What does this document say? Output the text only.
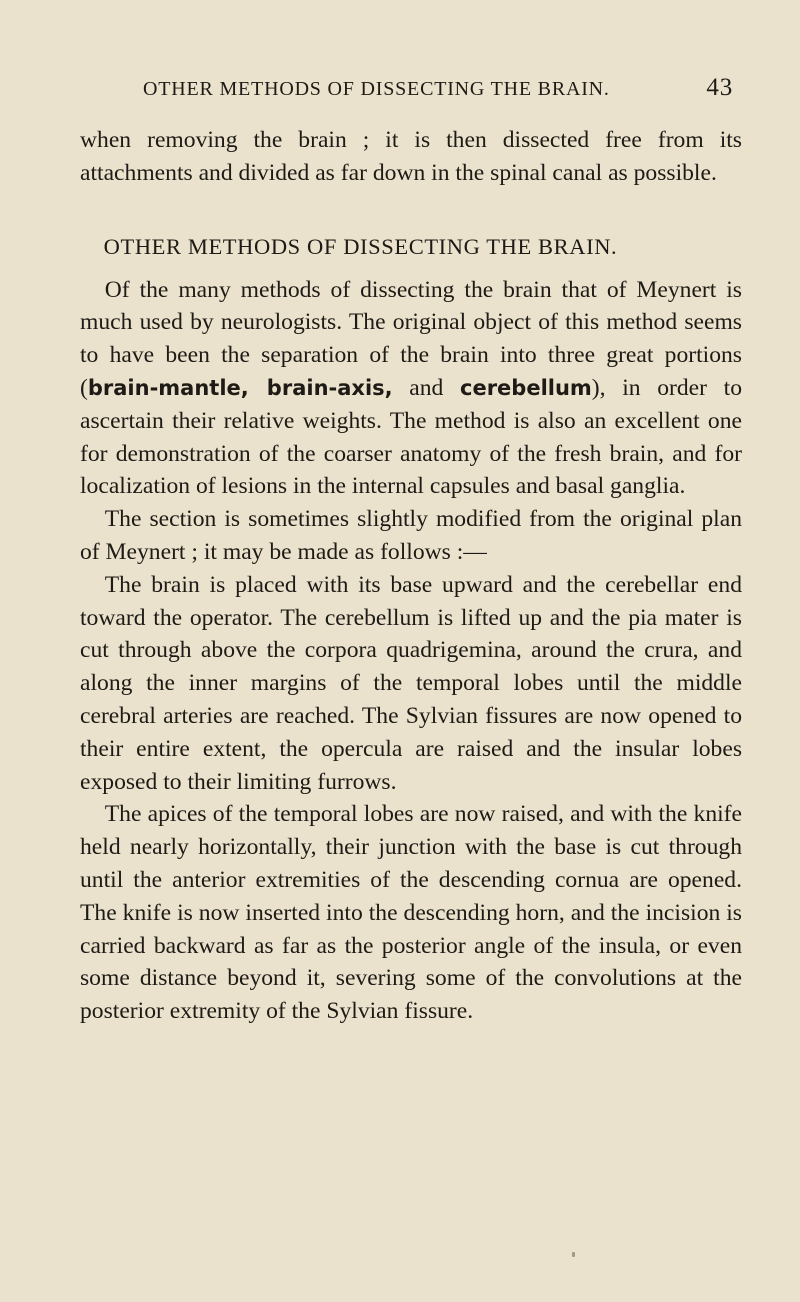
OTHER METHODS OF DISSECTING THE BRAIN.	43

when removing the brain ; it is then dissected free from its attachments and divided as far down in the spinal canal as possible.

OTHER METHODS OF DISSECTING THE BRAIN.

Of the many methods of dissecting the brain that of Meynert is much used by neurologists. The original object of this method seems to have been the separation of the brain into three great portions (brain-mantle, brain-axis, and cerebellum), in order to ascertain their relative weights. The method is also an excellent one for demonstration of the coarser anatomy of the fresh brain, and for localization of lesions in the internal capsules and basal ganglia.

The section is sometimes slightly modified from the original plan of Meynert ; it may be made as follows :—

The brain is placed with its base upward and the cerebellar end toward the operator. The cerebellum is lifted up and the pia mater is cut through above the corpora quadrigemina, around the crura, and along the inner margins of the temporal lobes until the middle cerebral arteries are reached. The Sylvian fissures are now opened to their entire extent, the opercula are raised and the insular lobes exposed to their limiting furrows.

The apices of the temporal lobes are now raised, and with the knife held nearly horizontally, their junction with the base is cut through until the anterior extremities of the descending cornua are opened. The knife is now inserted into the descending horn, and the incision is carried backward as far as the posterior angle of the insula, or even some distance beyond it, severing some of the convolutions at the posterior extremity of the Sylvian fissure.
